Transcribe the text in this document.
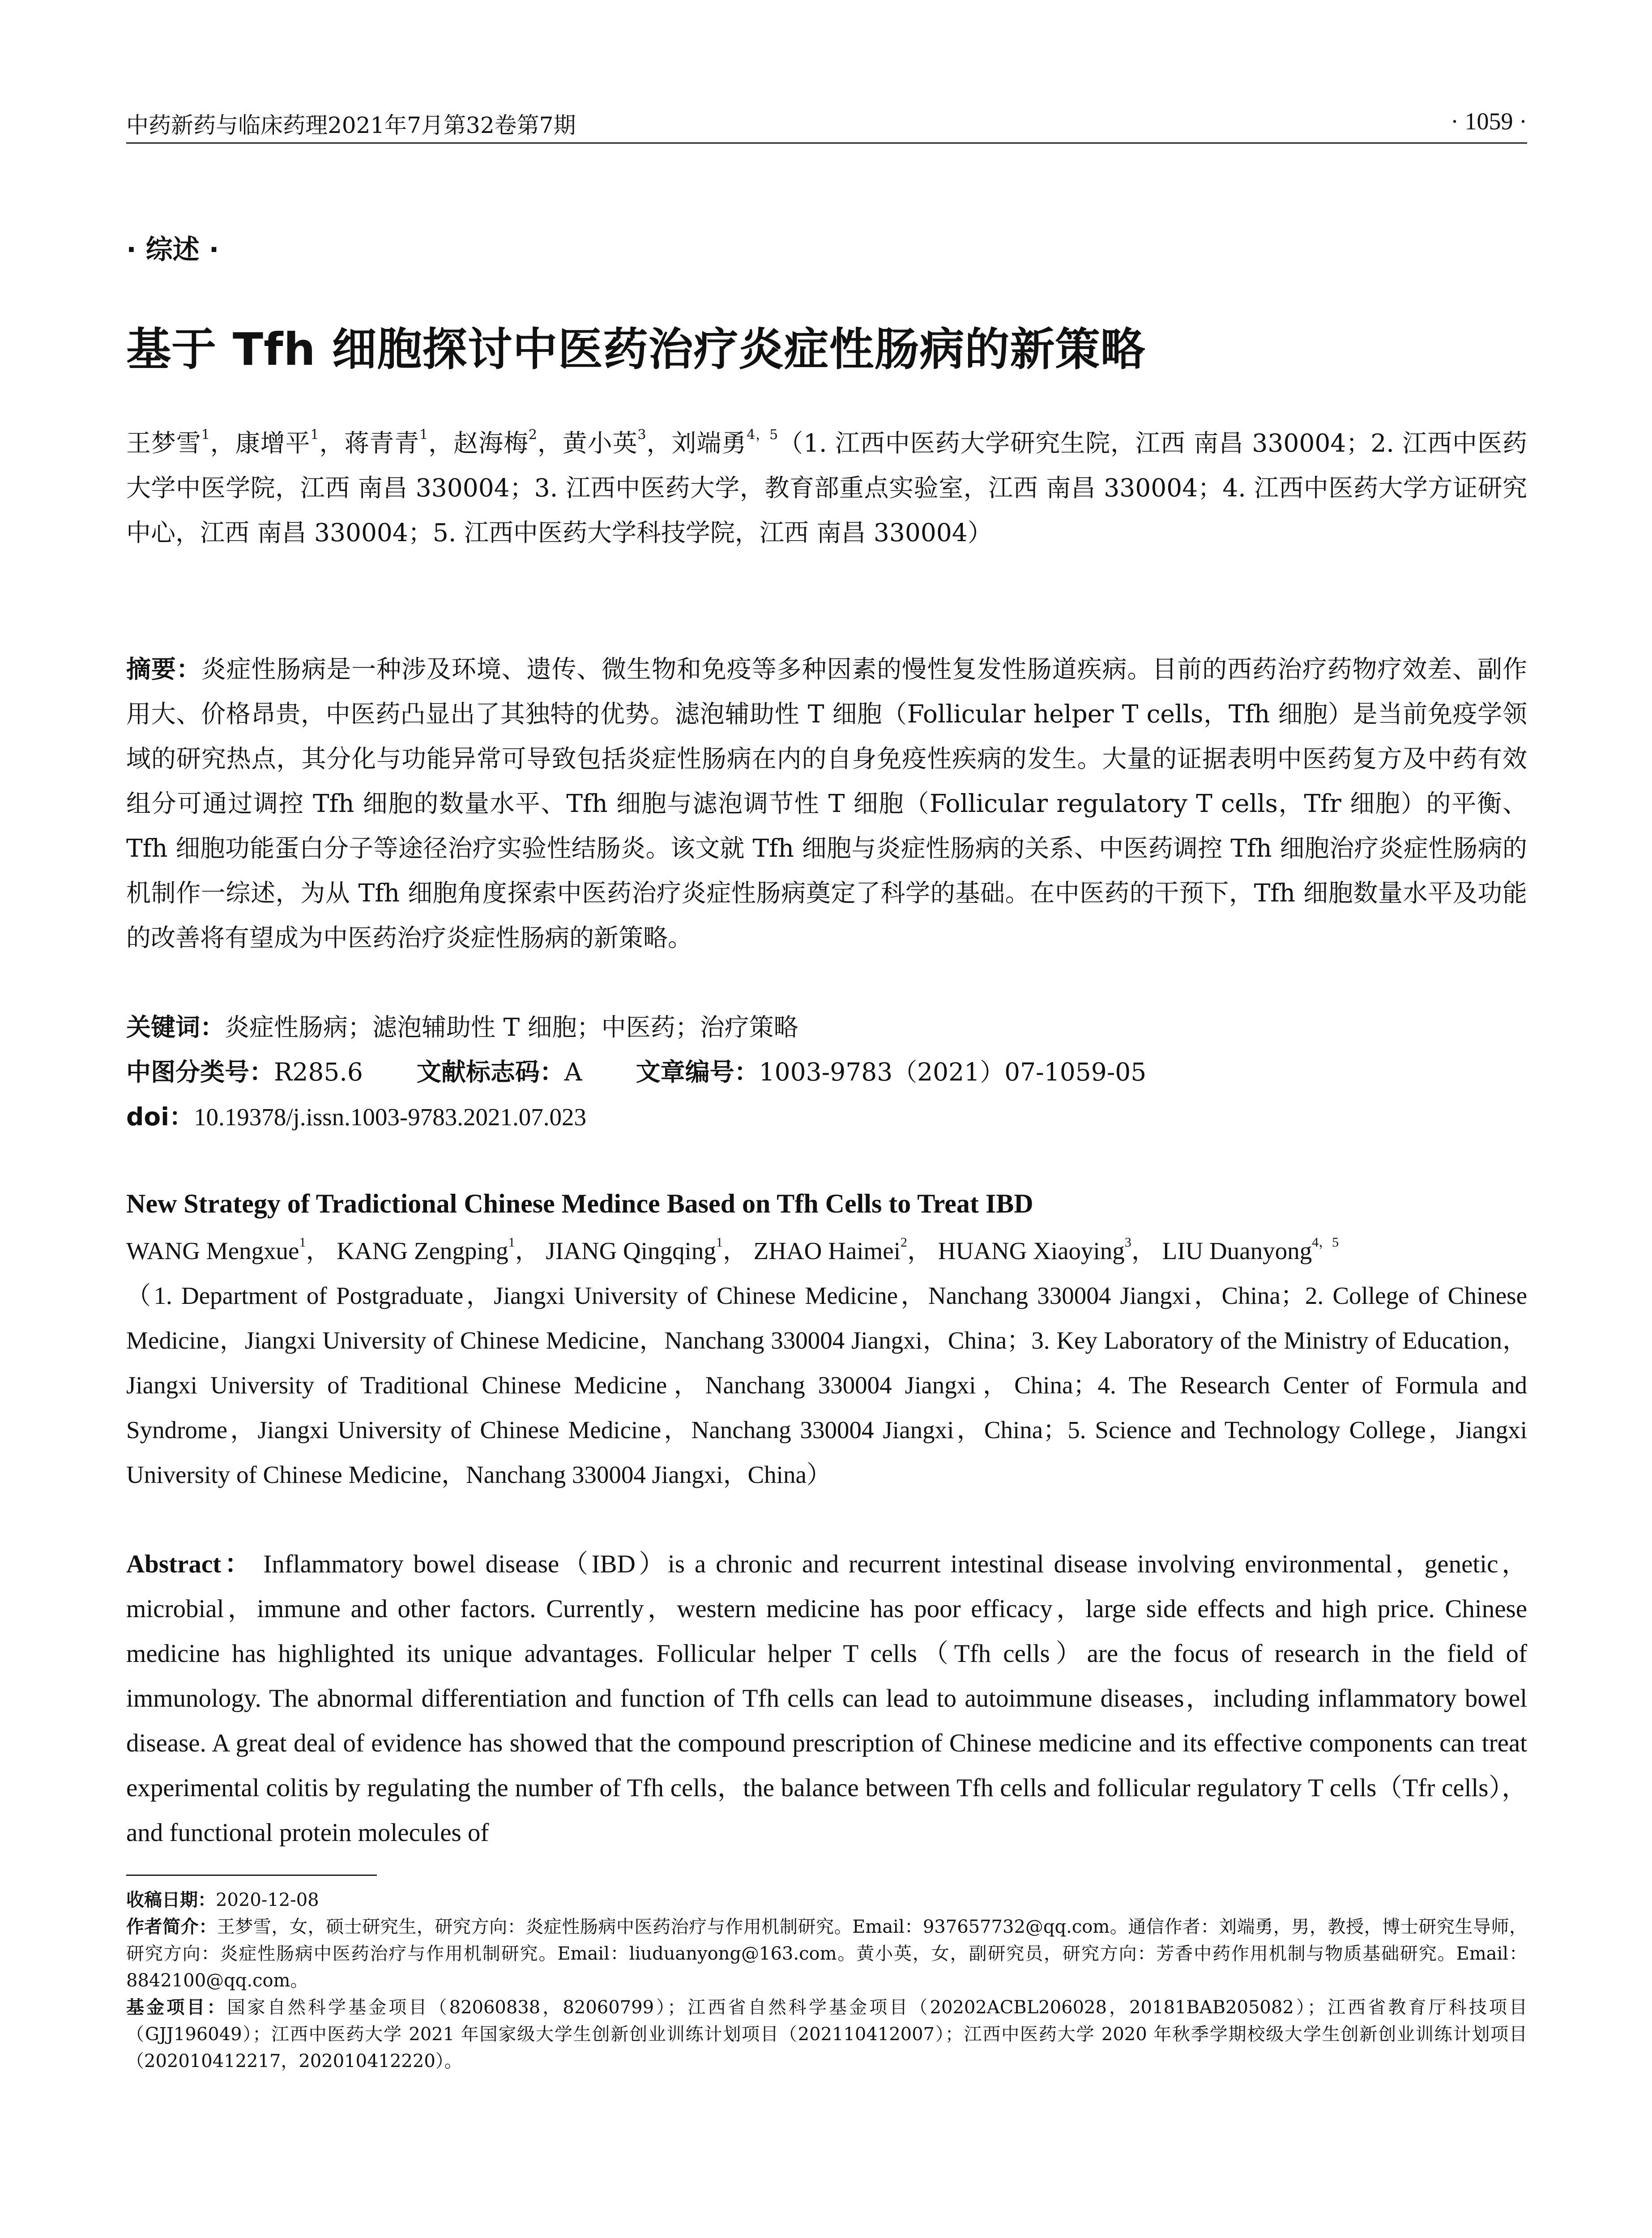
中药新药与临床药理2021年7月第32卷第7期	· 1059 ·
· 综述 ·
基于 Tfh 细胞探讨中医药治疗炎症性肠病的新策略
王梦雪$^1$，康增平$^1$，蒋青青$^1$，赵海梅$^2$，黄小英$^3$，刘端勇$^{4,5}$（1. 江西中医药大学研究生院，江西 南昌 330004；2. 江西中医药大学中医学院，江西 南昌 330004；3. 江西中医药大学，教育部重点实验室，江西 南昌 330004；4. 江西中医药大学方证研究中心，江西 南昌 330004；5. 江西中医药大学科技学院，江西 南昌 330004）
摘要：炎症性肠病是一种涉及环境、遗传、微生物和免疫等多种因素的慢性复发性肠道疾病。目前的西药治疗药物疗效差、副作用大、价格昂贵，中医药凸显出了其独特的优势。滤泡辅助性 T 细胞（Follicular helper T cells，Tfh 细胞）是当前免疫学领域的研究热点，其分化与功能异常可导致包括炎症性肠病在内的自身免疫性疾病的发生。大量的证据表明中医药复方及中药有效组分可通过调控 Tfh 细胞的数量水平、Tfh 细胞与滤泡调节性 T 细胞（Follicular regulatory T cells，Tfr 细胞）的平衡、Tfh 细胞功能蛋白分子等途径治疗实验性结肠炎。该文就 Tfh 细胞与炎症性肠病的关系、中医药调控 Tfh 细胞治疗炎症性肠病的机制作一综述，为从 Tfh 细胞角度探索中医药治疗炎症性肠病奠定了科学的基础。在中医药的干预下，Tfh 细胞数量水平及功能的改善将有望成为中医药治疗炎症性肠病的新策略。
关键词：炎症性肠病；滤泡辅助性 T 细胞；中医药；治疗策略
中图分类号：R285.6 文献标志码：A 文章编号：1003-9783（2021）07-1059-05
doi：10.19378/j.issn.1003-9783.2021.07.023
New Strategy of Tradictional Chinese Medince Based on Tfh Cells to Treat IBD
WANG Mengxue$^1$， KANG Zengping$^1$， JIANG Qingqing$^1$， ZHAO Haimei$^2$， HUANG Xiaoying$^3$， LIU Duanyong$^{4,5}$
（1. Department of Postgraduate，Jiangxi University of Chinese Medicine，Nanchang 330004 Jiangxi，China；2. College of Chinese Medicine，Jiangxi University of Chinese Medicine，Nanchang 330004 Jiangxi，China；3. Key Laboratory of the Ministry of Education，Jiangxi University of Traditional Chinese Medicine，Nanchang 330004 Jiangxi，China；4. The Research Center of Formula and Syndrome，Jiangxi University of Chinese Medicine，Nanchang 330004 Jiangxi，China；5. Science and Technology College，Jiangxi University of Chinese Medicine，Nanchang 330004 Jiangxi，China）
Abstract： Inflammatory bowel disease（IBD）is a chronic and recurrent intestinal disease involving environmental，genetic，microbial，immune and other factors. Currently，western medicine has poor efficacy，large side effects and high price. Chinese medicine has highlighted its unique advantages. Follicular helper T cells（Tfh cells）are the focus of research in the field of immunology. The abnormal differentiation and function of Tfh cells can lead to autoimmune diseases，including inflammatory bowel disease. A great deal of evidence has showed that the compound prescription of Chinese medicine and its effective components can treat experimental colitis by regulating the number of Tfh cells，the balance between Tfh cells and follicular regulatory T cells（Tfr cells），and functional protein molecules of

收稿日期：2020-12-08

作者简介：王梦雪，女，硕士研究生，研究方向：炎症性肠病中医药治疗与作用机制研究。Email：937657732@qq.com。通信作者：刘端勇，男，教授，博士研究生导师，研究方向：炎症性肠病中医药治疗与作用机制研究。Email：liuduanyong@163.com。黄小英，女，副研究员，研究方向：芳香中药作用机制与物质基础研究。Email：8842100@qq.com。

基金项目：国家自然科学基金项目（82060838，82060799）；江西省自然科学基金项目（20202ACBL206028，20181BAB205082）；江西省教育厅科技项目（GJJ196049）；江西中医药大学 2021 年国家级大学生创新创业训练计划项目（202110412007）；江西中医药大学 2020 年秋季学期校级大学生创新创业训练计划项目（202010412217，202010412220）。
